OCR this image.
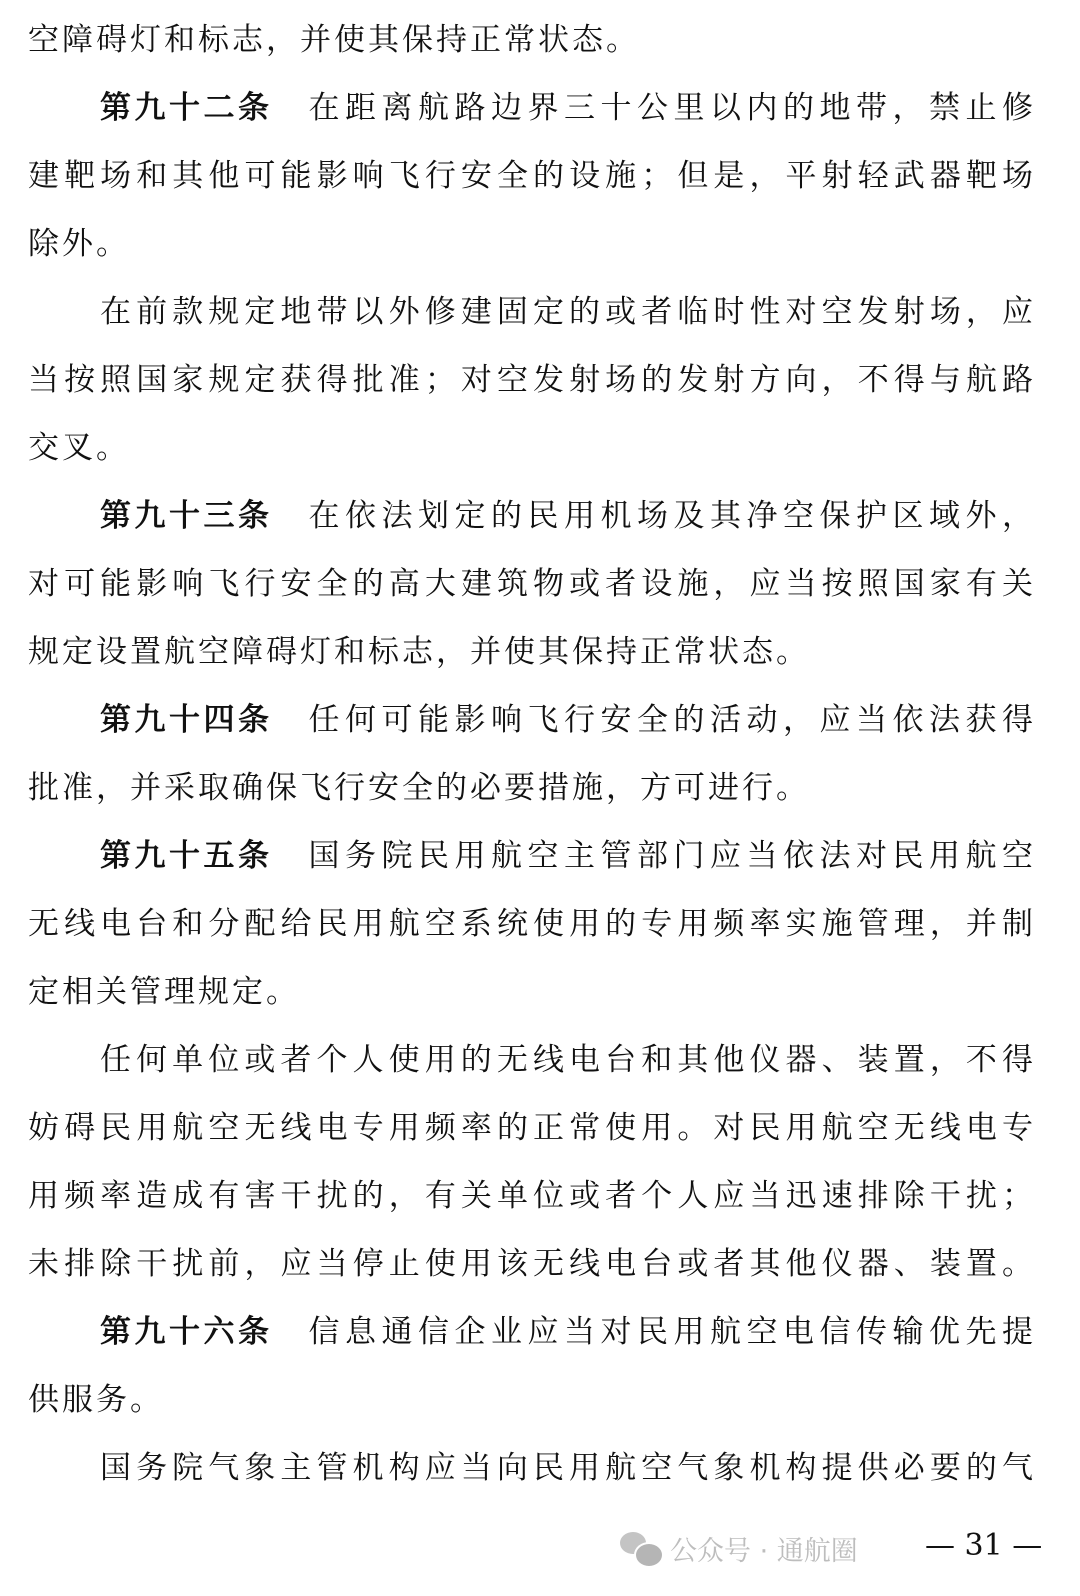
空障碍灯和标志，并使其保持正常状态。
第九十二条 在距离航路边界三十公里以内的地带，禁止修
建靶场和其他可能影响飞行安全的设施；但是，平射轻武器靶场
除外。
在前款规定地带以外修建固定的或者临时性对空发射场，应
当按照国家规定获得批准；对空发射场的发射方向，不得与航路
交叉。
第九十三条 在依法划定的民用机场及其净空保护区域外，
对可能影响飞行安全的高大建筑物或者设施，应当按照国家有关
规定设置航空障碍灯和标志，并使其保持正常状态。
第九十四条 任何可能影响飞行安全的活动，应当依法获得
批准，并采取确保飞行安全的必要措施，方可进行。
第九十五条 国务院民用航空主管部门应当依法对民用航空
无线电台和分配给民用航空系统使用的专用频率实施管理，并制
定相关管理规定。
任何单位或者个人使用的无线电台和其他仪器、装置，不得
妨碍民用航空无线电专用频率的正常使用。对民用航空无线电专
用频率造成有害干扰的，有关单位或者个人应当迅速排除干扰；
未排除干扰前，应当停止使用该无线电台或者其他仪器、装置。
第九十六条 信息通信企业应当对民用航空电信传输优先提
供服务。
国务院气象主管机构应当向民用航空气象机构提供必要的气
公众号 · 通航圈 — 31 —
